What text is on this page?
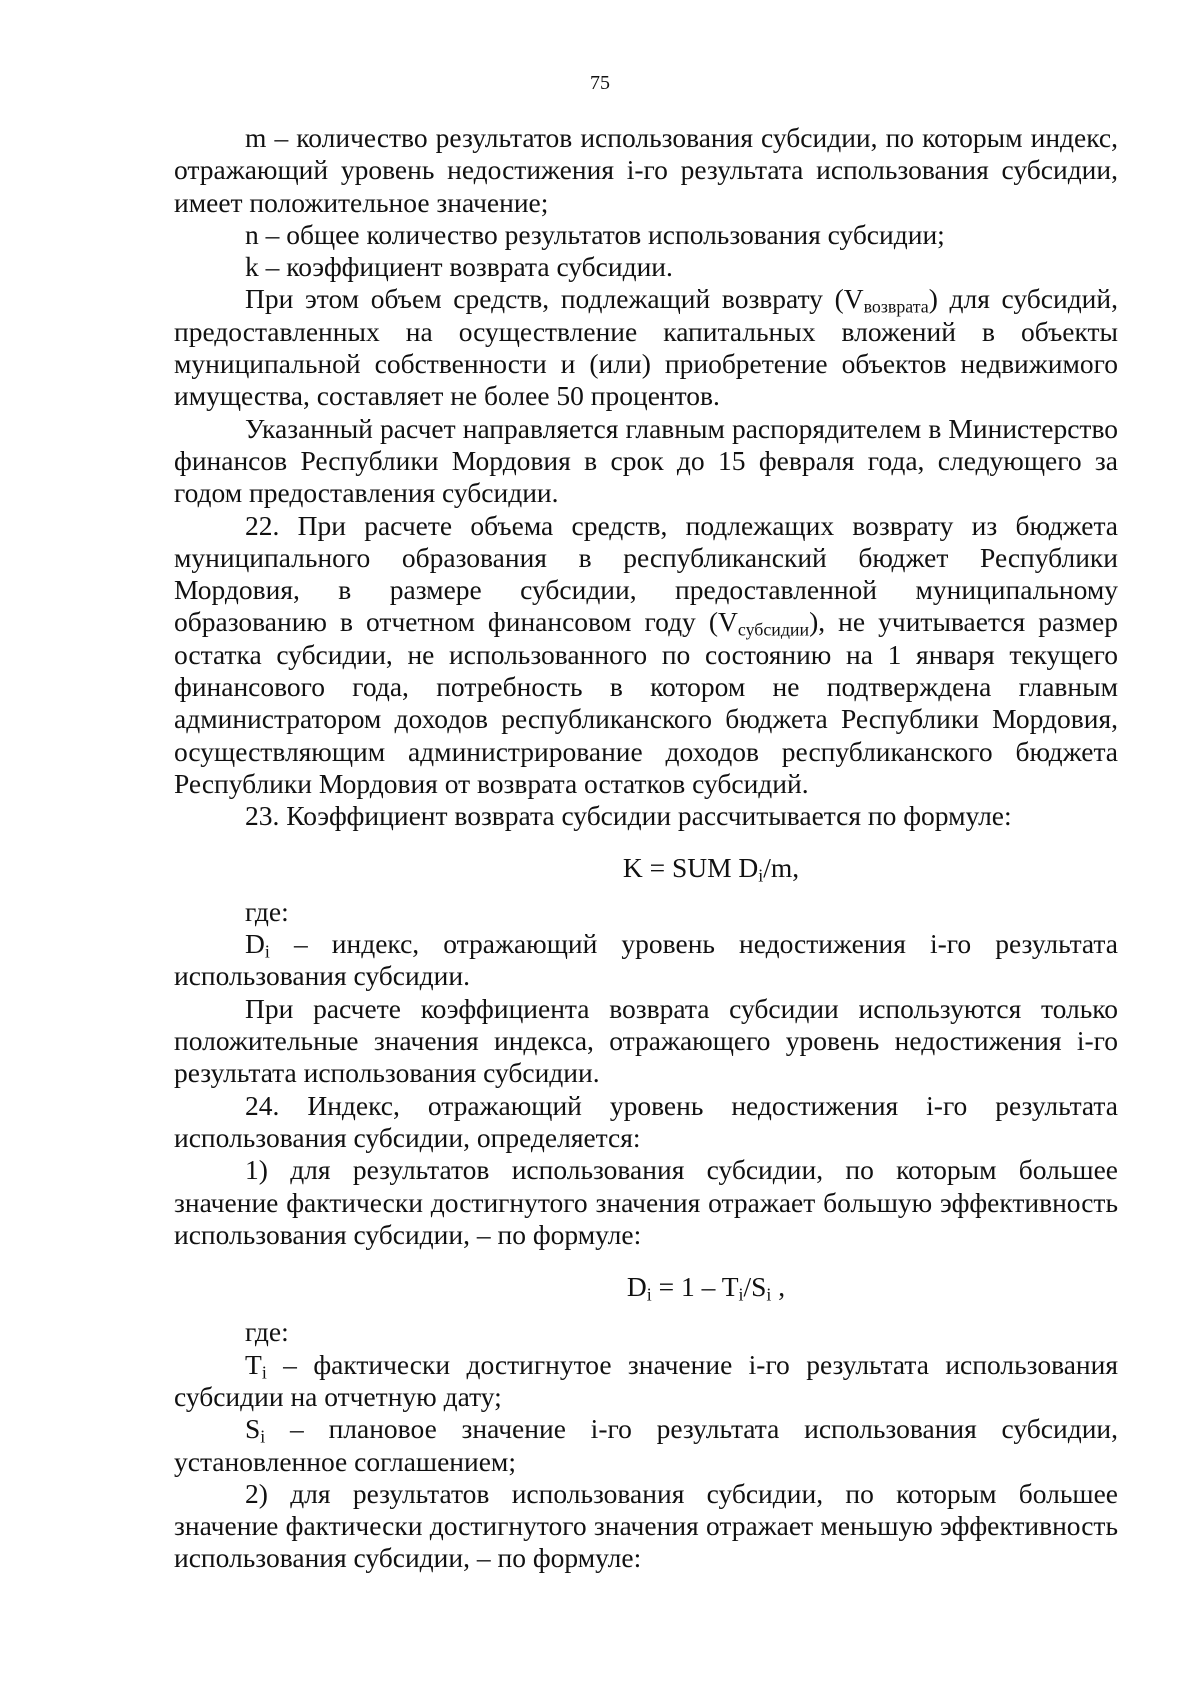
75

m – количество результатов использования субсидии, по которым индекс, отражающий уровень недостижения i-го результата использования субсидии, имеет положительное значение;

n – общее количество результатов использования субсидии;

k – коэффициент возврата субсидии.

При этом объем средств, подлежащий возврату $(V_{возврата})$ для субсидий, предоставленных на осуществление капитальных вложений в объекты муниципальной собственности и (или) приобретение объектов недвижимого имущества, составляет не более 50 процентов.

Указанный расчет направляется главным распорядителем в Министерство финансов Республики Мордовия в срок до 15 февраля года, следующего за годом предоставления субсидии.

22. При расчете объема средств, подлежащих возврату из бюджета муниципального образования в республиканский бюджет Республики Мордовия, в размере субсидии, предоставленной муниципальному образованию в отчетном финансовом году $(V_{субсидии})$, не учитывается размер остатка субсидии, не использованного по состоянию на 1 января текущего финансового года, потребность в котором не подтверждена главным администратором доходов республиканского бюджета Республики Мордовия, осуществляющим администрирование доходов республиканского бюджета Республики Мордовия от возврата остатков субсидий.

23. Коэффициент возврата субсидии рассчитывается по формуле:

K = SUM $D_i/m$,

где:

$D_i$ – индекс, отражающий уровень недостижения i-го результата использования субсидии.

При расчете коэффициента возврата субсидии используются только положительные значения индекса, отражающего уровень недостижения i-го результата использования субсидии.

24. Индекс, отражающий уровень недостижения i-го результата использования субсидии, определяется:

1) для результатов использования субсидии, по которым большее значение фактически достигнутого значения отражает большую эффективность использования субсидии, – по формуле:

$D_i = 1 - T_i/S_i$ ,

где:

$T_i$ – фактически достигнутое значение i-го результата использования субсидии на отчетную дату;

$S_i$ – плановое значение i-го результата использования субсидии, установленное соглашением;

2) для результатов использования субсидии, по которым большее значение фактически достигнутого значения отражает меньшую эффективность использования субсидии, – по формуле:
